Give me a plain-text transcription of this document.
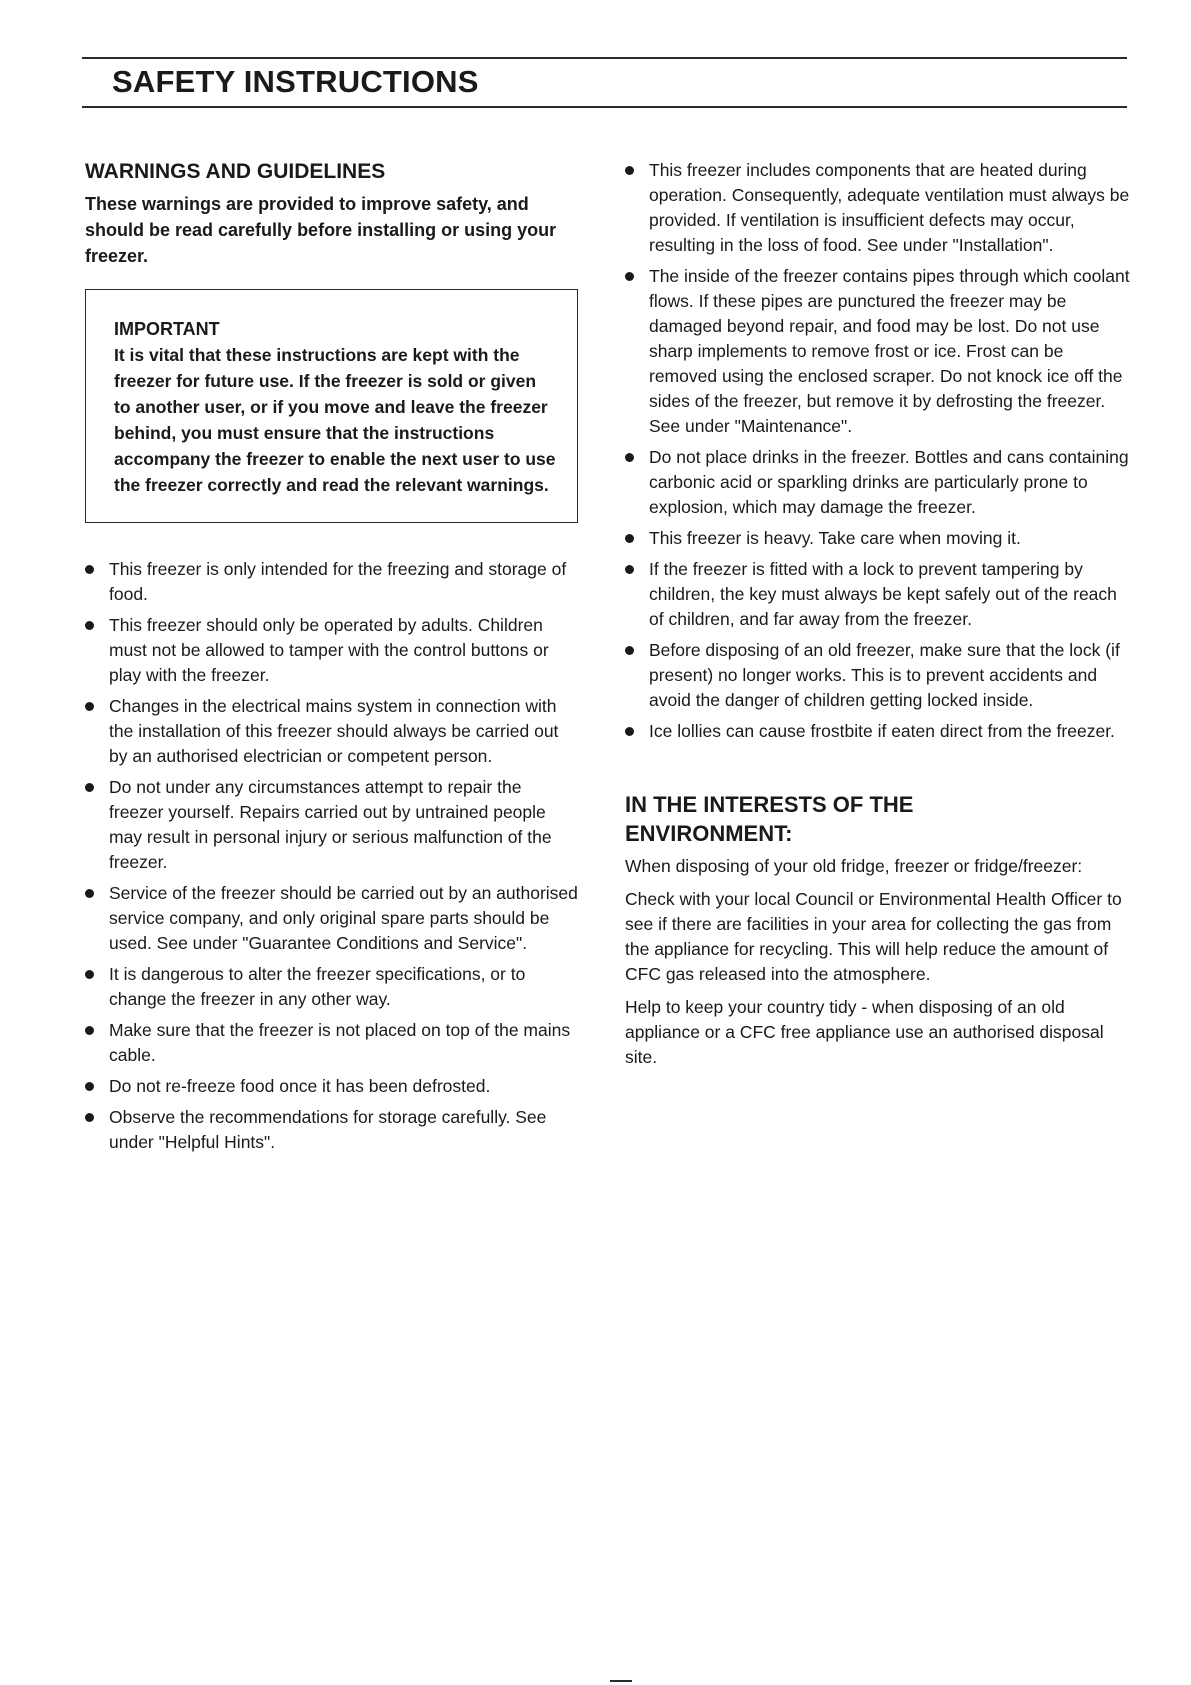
SAFETY INSTRUCTIONS
WARNINGS AND GUIDELINES

These warnings are provided to improve safety, and should be read carefully before installing or using your freezer.

IMPORTANT

It is vital that these instructions are kept with the freezer for future use. If the freezer is sold or given to another user, or if you move and leave the freezer behind, you must ensure that the instructions accompany the freezer to enable the next user to use the freezer correctly and read the relevant warnings.

This freezer is only intended for the freezing and storage of food.
This freezer should only be operated by adults. Children must not be allowed to tamper with the control buttons or play with the freezer.
Changes in the electrical mains system in connection with the installation of this freezer should always be carried out by an authorised electrician or competent person.
Do not under any circumstances attempt to repair the freezer yourself. Repairs carried out by untrained people may result in personal injury or serious malfunction of the freezer.
Service of the freezer should be carried out by an authorised service company, and only original spare parts should be used. See under "Guarantee Conditions and Service".
It is dangerous to alter the freezer specifications, or to change the freezer in any other way.
Make sure that the freezer is not placed on top of the mains cable.
Do not re-freeze food once it has been defrosted.
Observe the recommendations for storage carefully. See under "Helpful Hints".
This freezer includes components that are heated during operation. Consequently, adequate ventilation must always be provided. If ventilation is insufficient defects may occur, resulting in the loss of food. See under "Installation".
The inside of the freezer contains pipes through which coolant flows. If these pipes are punctured the freezer may be damaged beyond repair, and food may be lost. Do not use sharp implements to remove frost or ice. Frost can be removed using the enclosed scraper. Do not knock ice off the sides of the freezer, but remove it by defrosting the freezer. See under "Maintenance".
Do not place drinks in the freezer. Bottles and cans containing carbonic acid or sparkling drinks are particularly prone to explosion, which may damage the freezer.
This freezer is heavy. Take care when moving it.
If the freezer is fitted with a lock to prevent tampering by children, the key must always be kept safely out of the reach of children, and far away from the freezer.
Before disposing of an old freezer, make sure that the lock (if present) no longer works. This is to prevent accidents and avoid the danger of children getting locked inside.
Ice lollies can cause frostbite if eaten direct from the freezer.
IN THE INTERESTS OF THE
ENVIRONMENT:

When disposing of your old fridge, freezer or fridge/freezer:

Check with your local Council or Environmental Health Officer to see if there are facilities in your area for collecting the gas from the appliance for recycling. This will help reduce the amount of CFC gas released into the atmosphere.

Help to keep your country tidy - when disposing of an old appliance or a CFC free appliance use an authorised disposal site.
